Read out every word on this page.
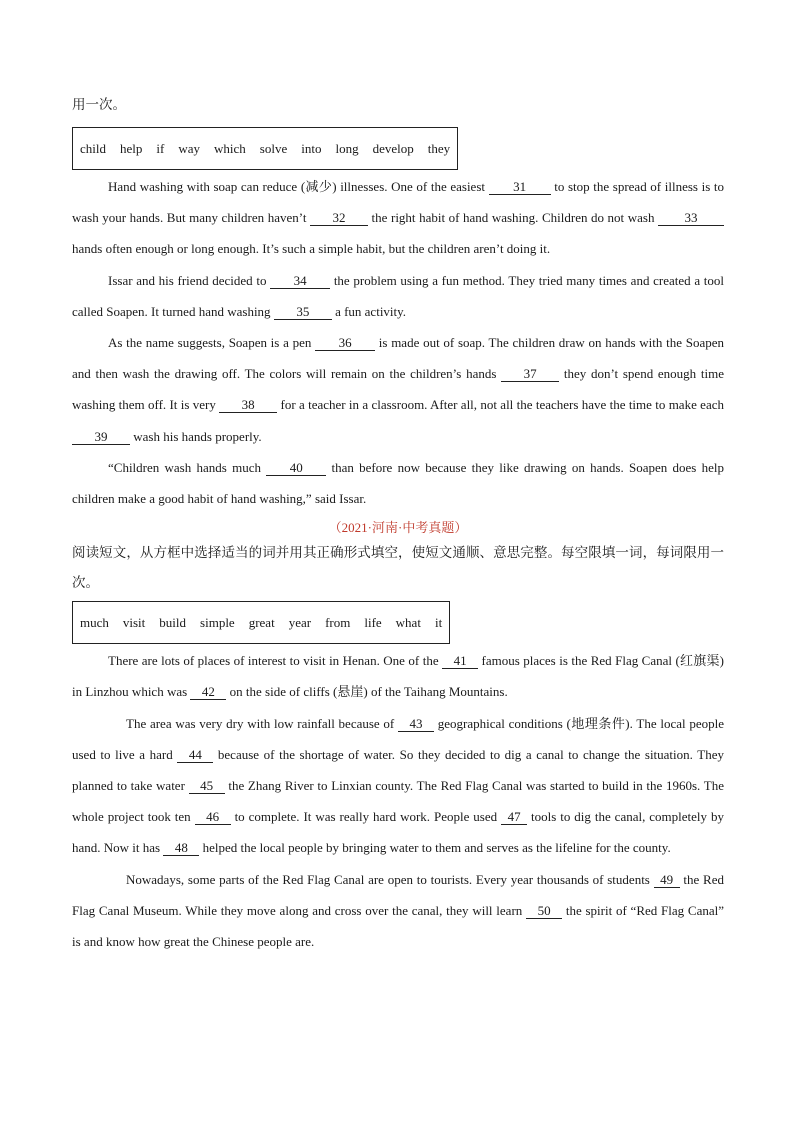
用一次。

child help if way which solve into long develop they

Hand washing with soap can reduce (减少) illnesses. One of the easiest 31 to stop the spread of illness is to wash your hands. But many children haven’t 32 the right habit of hand washing. Children do not wash 33 hands often enough or long enough. It’s such a simple habit, but the children aren’t doing it.

Issar and his friend decided to 34 the problem using a fun method. They tried many times and created a tool called Soapen. It turned hand washing 35 a fun activity.

As the name suggests, Soapen is a pen 36 is made out of soap. The children draw on hands with the Soapen and then wash the drawing off. The colors will remain on the children’s hands 37 they don’t spend enough time washing them off. It is very 38 for a teacher in a classroom. After all, not all the teachers have the time to make each 39 wash his hands properly.

“Children wash hands much 40 than before now because they like drawing on hands. Soapen does help children make a good habit of hand washing,” said Issar.

（2021·河南·中考真题）

阅读短文，从方框中选择适当的词并用其正确形式填空，使短文通顺、意思完整。每空限填一词，每词限用一次。

much visit build simple great year from life what it

There are lots of places of interest to visit in Henan. One of the 41 famous places is the Red Flag Canal (红旗渠) in Linzhou which was 42 on the side of cliffs (悬崖) of the Taihang Mountains.

The area was very dry with low rainfall because of 43 geographical conditions (地理条件). The local people used to live a hard 44 because of the shortage of water. So they decided to dig a canal to change the situation. They planned to take water 45 the Zhang River to Linxian county. The Red Flag Canal was started to build in the 1960s. The whole project took ten 46 to complete. It was really hard work. People used 47 tools to dig the canal, completely by hand. Now it has 48 helped the local people by bringing water to them and serves as the lifeline for the county.

Nowadays, some parts of the Red Flag Canal are open to tourists. Every year thousands of students 49 the Red Flag Canal Museum. While they move along and cross over the canal, they will learn 50 the spirit of “Red Flag Canal” is and know how great the Chinese people are.
